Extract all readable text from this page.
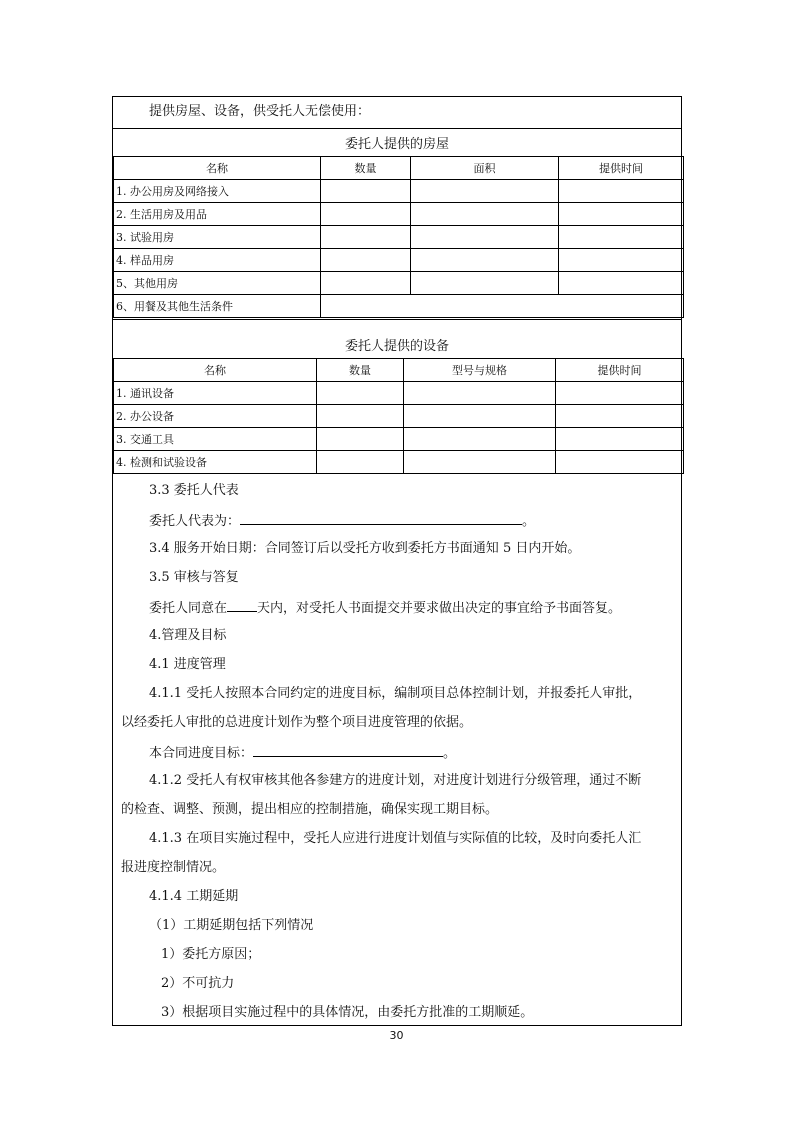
提供房屋、设备，供受托人无偿使用：
委托人提供的房屋
名称	数量	面积	提供时间
1. 办公用房及网络接入			
2. 生活用房及用品			
3. 试验用房			
4. 样品用房			
5、其他用房			
6、用餐及其他生活条件			
委托人提供的设备
名称	数量	型号与规格	提供时间
1. 通讯设备			
2. 办公设备			
3. 交通工具			
4. 检测和试验设备			
3.3 委托人代表
委托人代表为：	。
3.4 服务开始日期：合同签订后以受托方收到委托方书面通知 5 日内开始。
3.5 审核与答复
委托人同意在 天内，对受托人书面提交并要求做出决定的事宜给予书面答复。
4.管理及目标
4.1 进度管理
4.1.1 受托人按照本合同约定的进度目标，编制项目总体控制计划，并报委托人审批，
以经委托人审批的总进度计划作为整个项目进度管理的依据。
本合同进度目标：	。
4.1.2 受托人有权审核其他各参建方的进度计划，对进度计划进行分级管理，通过不断
的检查、调整、预测，提出相应的控制措施，确保实现工期目标。
4.1.3 在项目实施过程中，受托人应进行进度计划值与实际值的比较，及时向委托人汇
报进度控制情况。
4.1.4 工期延期
（1）工期延期包括下列情况
1）委托方原因；
2）不可抗力
3）根据项目实施过程中的具体情况，由委托方批准的工期顺延。
30
